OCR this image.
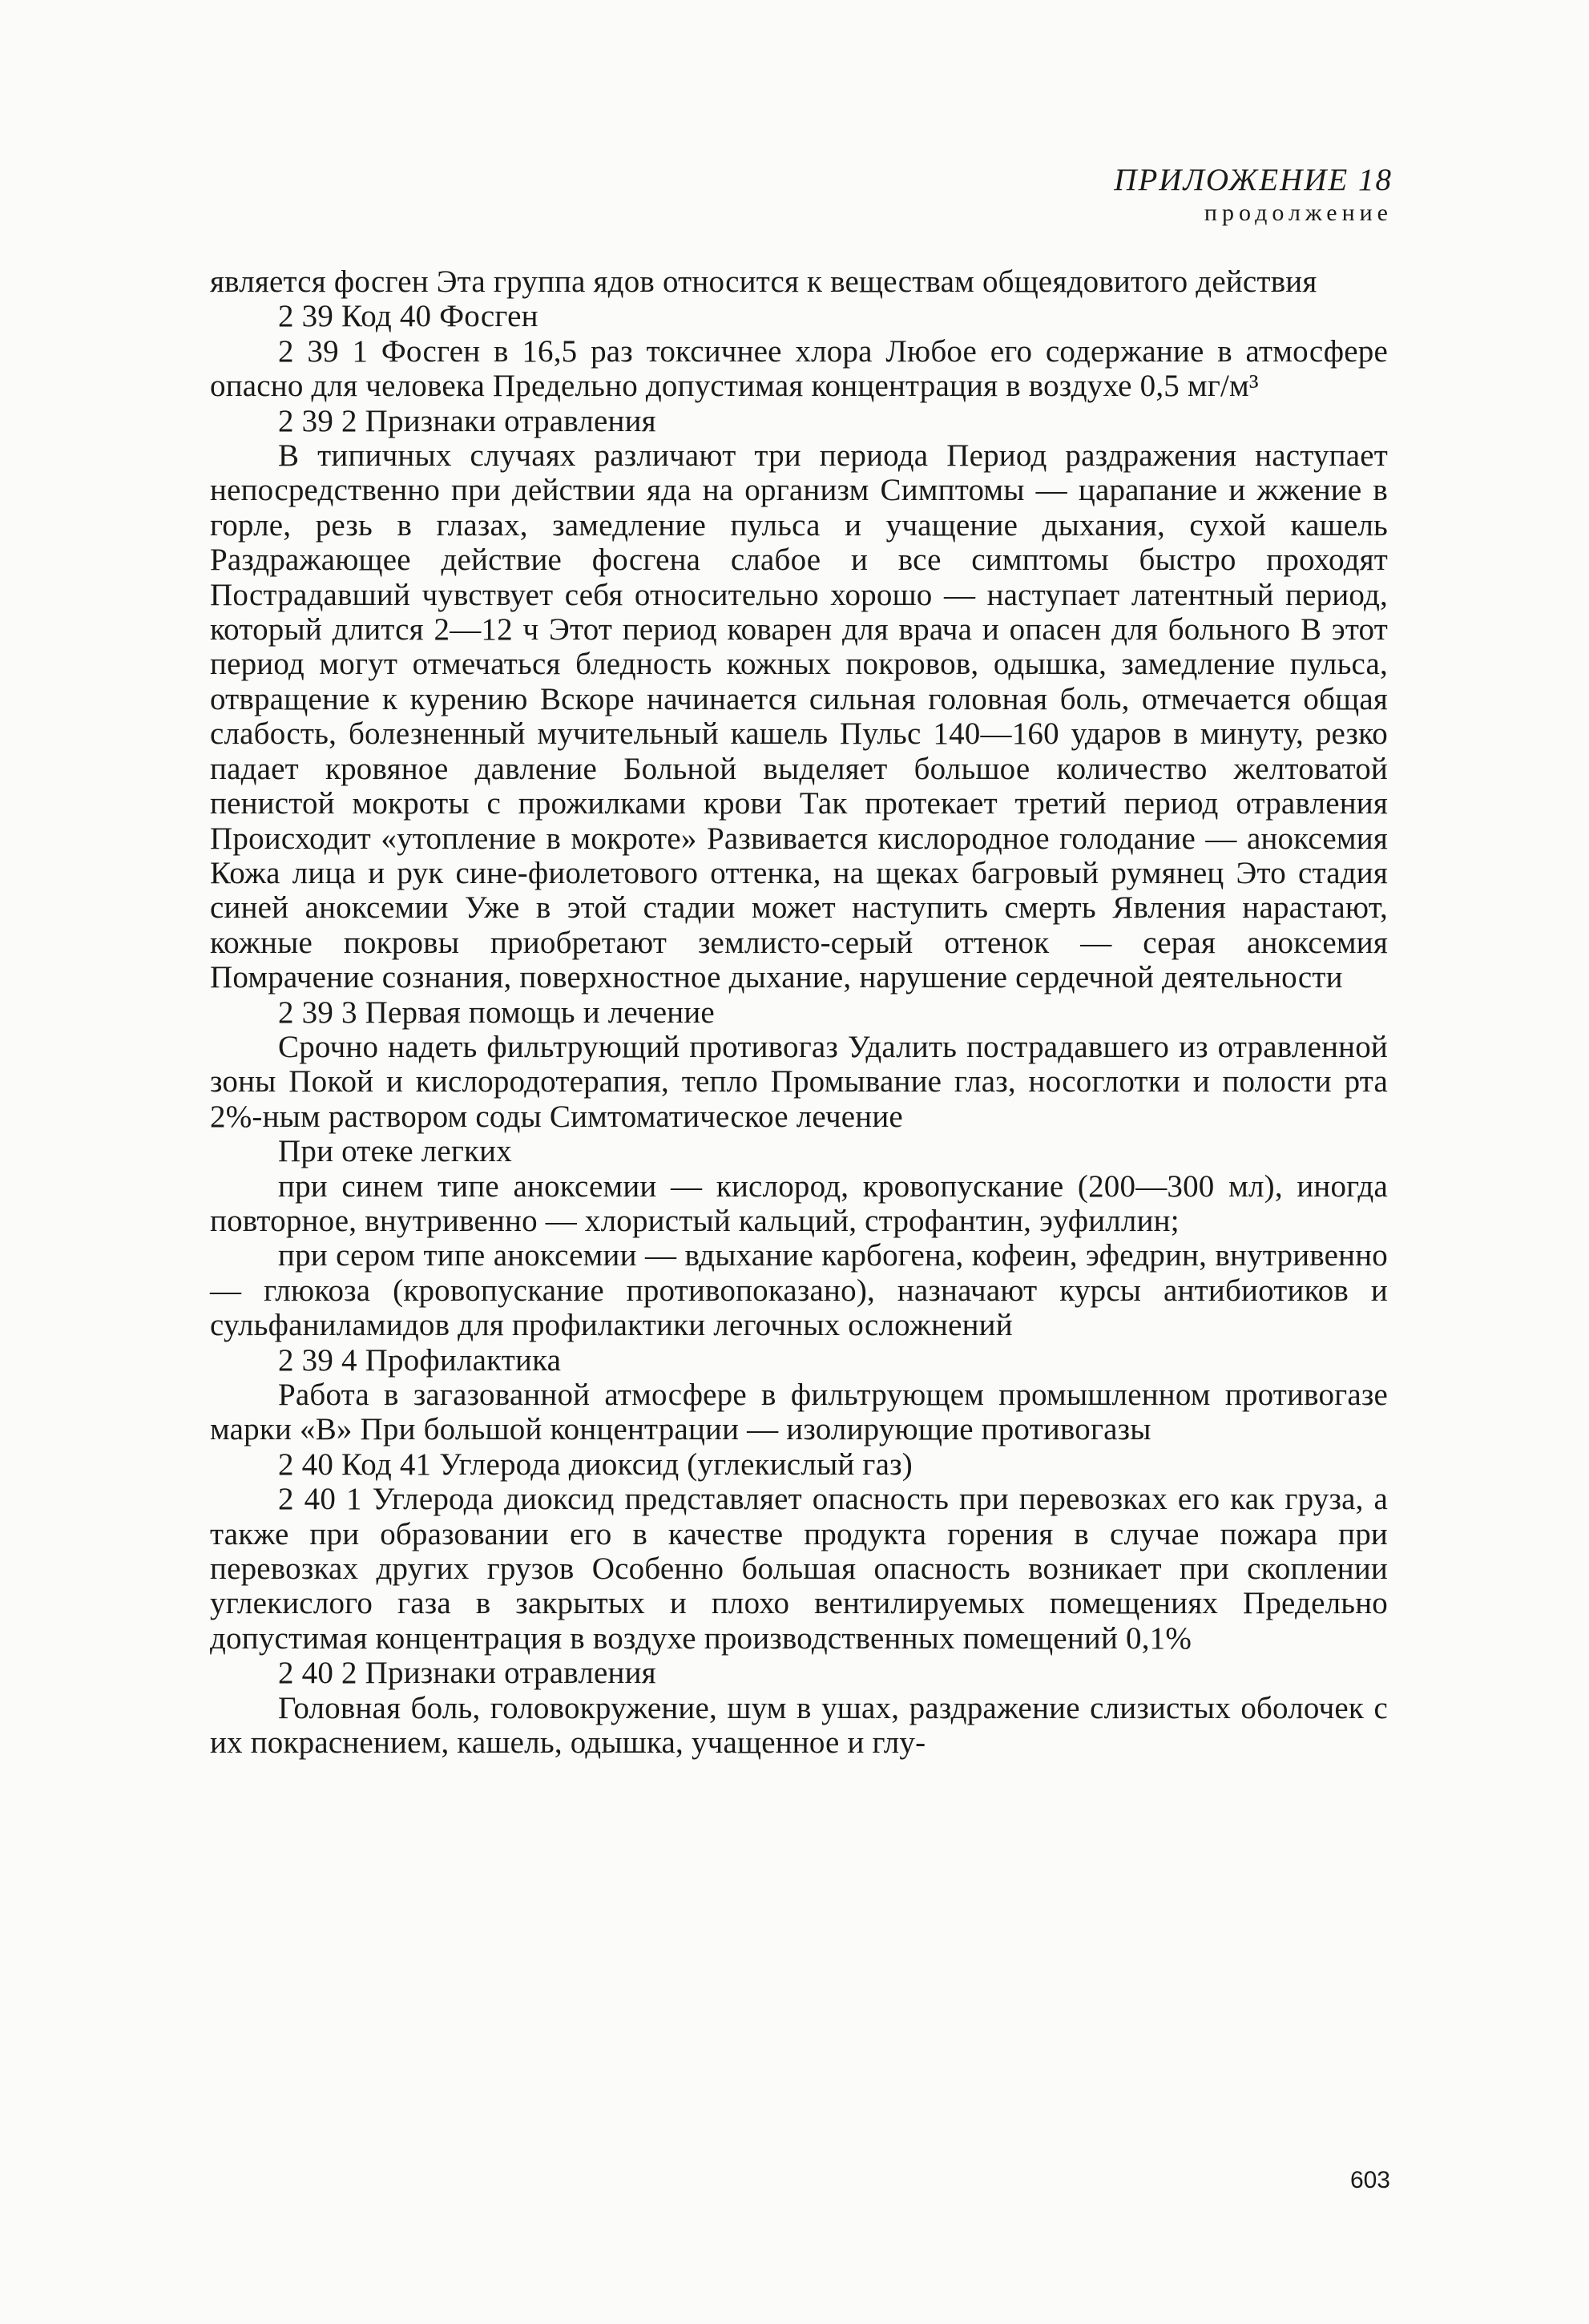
ПРИЛОЖЕНИЕ 18
продолжение

является фосген Эта группа ядов относится к веществам общеядовитого действия

2 39 Код 40 Фосген

2 39 1 Фосген в 16,5 раз токсичнее хлора Любое его содержание в атмосфере опасно для человека Предельно допустимая концентрация в воздухе 0,5 мг/м³

2 39 2 Признаки отравления

В типичных случаях различают три периода Период раздражения наступает непосредственно при действии яда на организм Симптомы — царапание и жжение в горле, резь в глазах, замедление пульса и учащение дыхания, сухой кашель Раздражающее действие фосгена слабое и все симптомы быстро проходят Пострадавший чувствует себя относительно хорошо — наступает латентный период, который длится 2—12 ч Этот период коварен для врача и опасен для больного В этот период могут отмечаться бледность кожных покровов, одышка, замедление пульса, отвращение к курению Вскоре начинается сильная головная боль, отмечается общая слабость, болезненный мучительный кашель Пульс 140—160 ударов в минуту, резко падает кровяное давление Больной выделяет большое количество желтоватой пенистой мокроты с прожилками крови Так протекает третий период отравления Происходит «утопление в мокроте» Развивается кислородное голодание — аноксемия Кожа лица и рук сине-фиолетового оттенка, на щеках багровый румянец Это стадия синей аноксемии Уже в этой стадии может наступить смерть Явления нарастают, кожные покровы приобретают землисто-серый оттенок — серая аноксемия Помрачение сознания, поверхностное дыхание, нарушение сердечной деятельности

2 39 3 Первая помощь и лечение

Срочно надеть фильтрующий противогаз Удалить пострадавшего из отравленной зоны Покой и кислородотерапия, тепло Промывание глаз, носоглотки и полости рта 2%-ным раствором соды Симтоматическое лечение

При отеке легких

при синем типе аноксемии — кислород, кровопускание (200—300 мл), иногда повторное, внутривенно — хлористый кальций, строфантин, эуфиллин;

при сером типе аноксемии — вдыхание карбогена, кофеин, эфедрин, внутривенно — глюкоза (кровопускание противопоказано), назначают курсы антибиотиков и сульфаниламидов для профилактики легочных осложнений

2 39 4 Профилактика

Работа в загазованной атмосфере в фильтрующем промышленном противогазе марки «В» При большой концентрации — изолирующие противогазы

2 40 Код 41 Углерода диоксид (углекислый газ)

2 40 1 Углерода диоксид представляет опасность при перевозках его как груза, а также при образовании его в качестве продукта горения в случае пожара при перевозках других грузов Особенно большая опасность возникает при скоплении углекислого газа в закрытых и плохо вентилируемых помещениях Предельно допустимая концентрация в воздухе производственных помещений 0,1%

2 40 2 Признаки отравления

Головная боль, головокружение, шум в ушах, раздражение слизистых оболочек с их покраснением, кашель, одышка, учащенное и глу-

603
